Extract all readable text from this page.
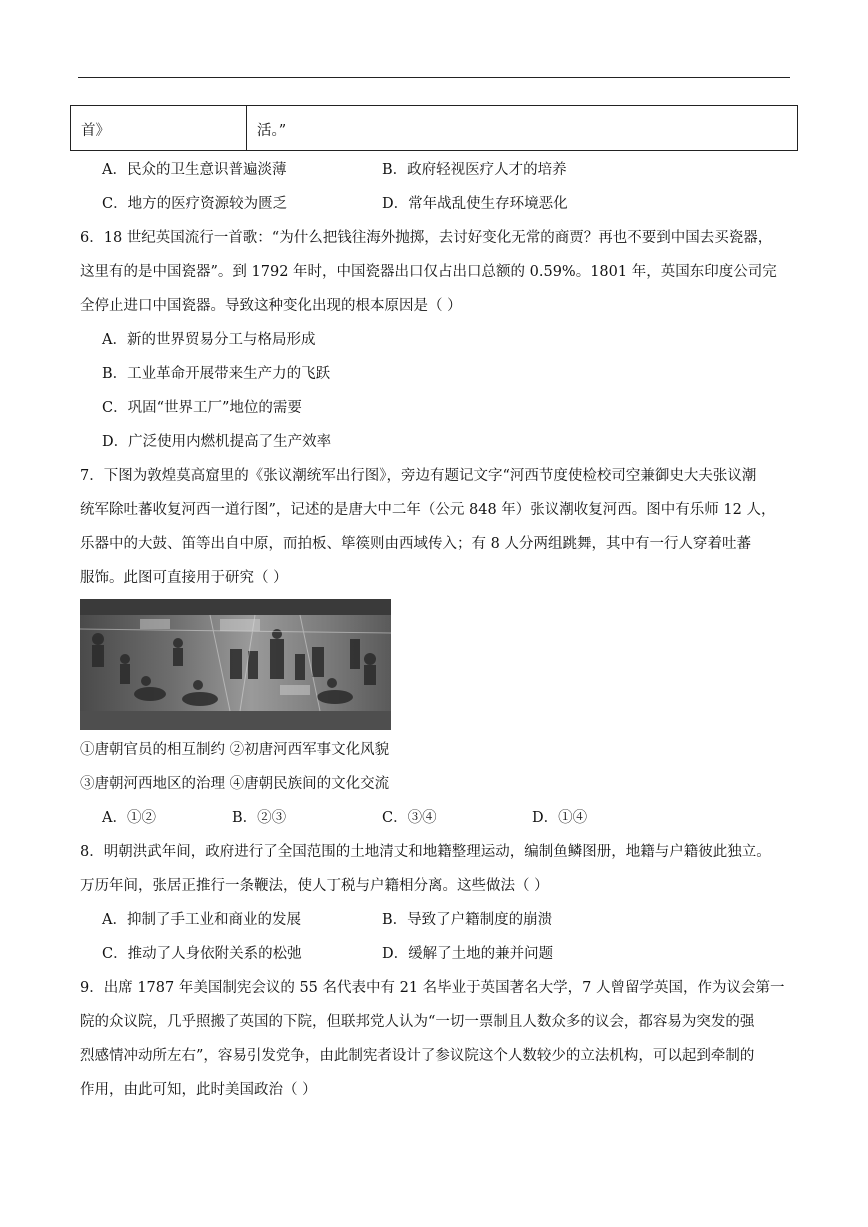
首》	活。”
A．民众的卫生意识普遍淡薄	B．政府轻视医疗人才的培养
C．地方的医疗资源较为匮乏	D．常年战乱使生存环境恶化
6．18 世纪英国流行一首歌：“为什么把钱往海外抛掷，去讨好变化无常的商贾？再也不要到中国去买瓷器，
这里有的是中国瓷器”。到 1792 年时，中国瓷器出口仅占出口总额的 0.59%。1801 年，英国东印度公司完
全停止进口中国瓷器。导致这种变化出现的根本原因是（ ）
A．新的世界贸易分工与格局形成
B．工业革命开展带来生产力的飞跃
C．巩固“世界工厂”地位的需要
D．广泛使用内燃机提高了生产效率
7．下图为敦煌莫高窟里的《张议潮统军出行图》，旁边有题记文字“河西节度使检校司空兼御史大夫张议潮
统军除吐蕃收复河西一道行图”，记述的是唐大中二年（公元 848 年）张议潮收复河西。图中有乐师 12 人，
乐器中的大鼓、笛等出自中原，而拍板、筚篌则由西域传入；有 8 人分两组跳舞，其中有一行人穿着吐蕃
服饰。此图可直接用于研究（ ）
①唐朝官员的相互制约 ②初唐河西军事文化风貌
③唐朝河西地区的治理 ④唐朝民族间的文化交流
A．①②	B．②③	C．③④	D．①④
8．明朝洪武年间，政府进行了全国范围的土地清丈和地籍整理运动，编制鱼鳞图册，地籍与户籍彼此独立。
万历年间，张居正推行一条鞭法，使人丁税与户籍相分离。这些做法（ ）
A．抑制了手工业和商业的发展	B．导致了户籍制度的崩溃
C．推动了人身依附关系的松弛	D．缓解了土地的兼并问题
9．出席 1787 年美国制宪会议的 55 名代表中有 21 名毕业于英国著名大学，7 人曾留学英国，作为议会第一
院的众议院，几乎照搬了英国的下院，但联邦党人认为“一切一票制且人数众多的议会，都容易为突发的强
烈感情冲动所左右”，容易引发党争，由此制宪者设计了参议院这个人数较少的立法机构，可以起到牵制的
作用，由此可知，此时美国政治（ ）
